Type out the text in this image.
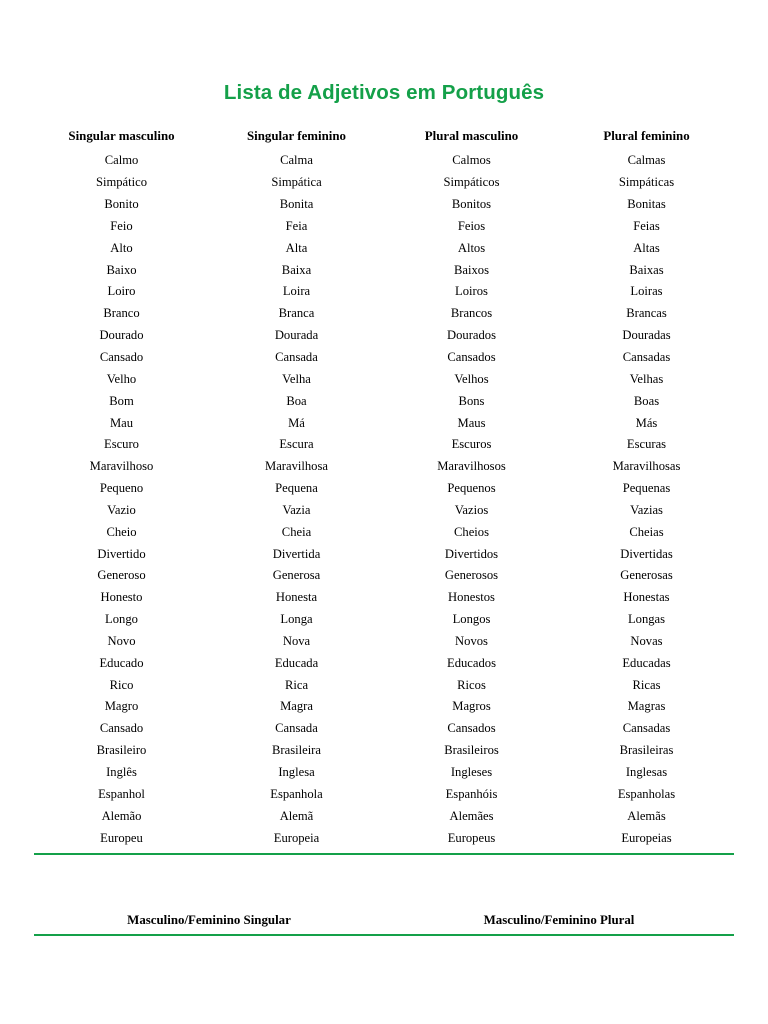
Lista de Adjetivos em Português
Singular masculino	Singular feminino	Plural masculino	Plural feminino
Calmo	Calma	Calmos	Calmas
Simpático	Simpática	Simpáticos	Simpáticas
Bonito	Bonita	Bonitos	Bonitas
Feio	Feia	Feios	Feias
Alto	Alta	Altos	Altas
Baixo	Baixa	Baixos	Baixas
Loiro	Loira	Loiros	Loiras
Branco	Branca	Brancos	Brancas
Dourado	Dourada	Dourados	Douradas
Cansado	Cansada	Cansados	Cansadas
Velho	Velha	Velhos	Velhas
Bom	Boa	Bons	Boas
Mau	Má	Maus	Más
Escuro	Escura	Escuros	Escuras
Maravilhoso	Maravilhosa	Maravilhosos	Maravilhosas
Pequeno	Pequena	Pequenos	Pequenas
Vazio	Vazia	Vazios	Vazias
Cheio	Cheia	Cheios	Cheias
Divertido	Divertida	Divertidos	Divertidas
Generoso	Generosa	Generosos	Generosas
Honesto	Honesta	Honestos	Honestas
Longo	Longa	Longos	Longas
Novo	Nova	Novos	Novas
Educado	Educada	Educados	Educadas
Rico	Rica	Ricos	Ricas
Magro	Magra	Magros	Magras
Cansado	Cansada	Cansados	Cansadas
Brasileiro	Brasileira	Brasileiros	Brasileiras
Inglês	Inglesa	Ingleses	Inglesas
Espanhol	Espanhola	Espanhóis	Espanholas
Alemão	Alemã	Alemães	Alemãs
Europeu	Europeia	Europeus	Europeias
Masculino/Feminino Singular	Masculino/Feminino Plural
